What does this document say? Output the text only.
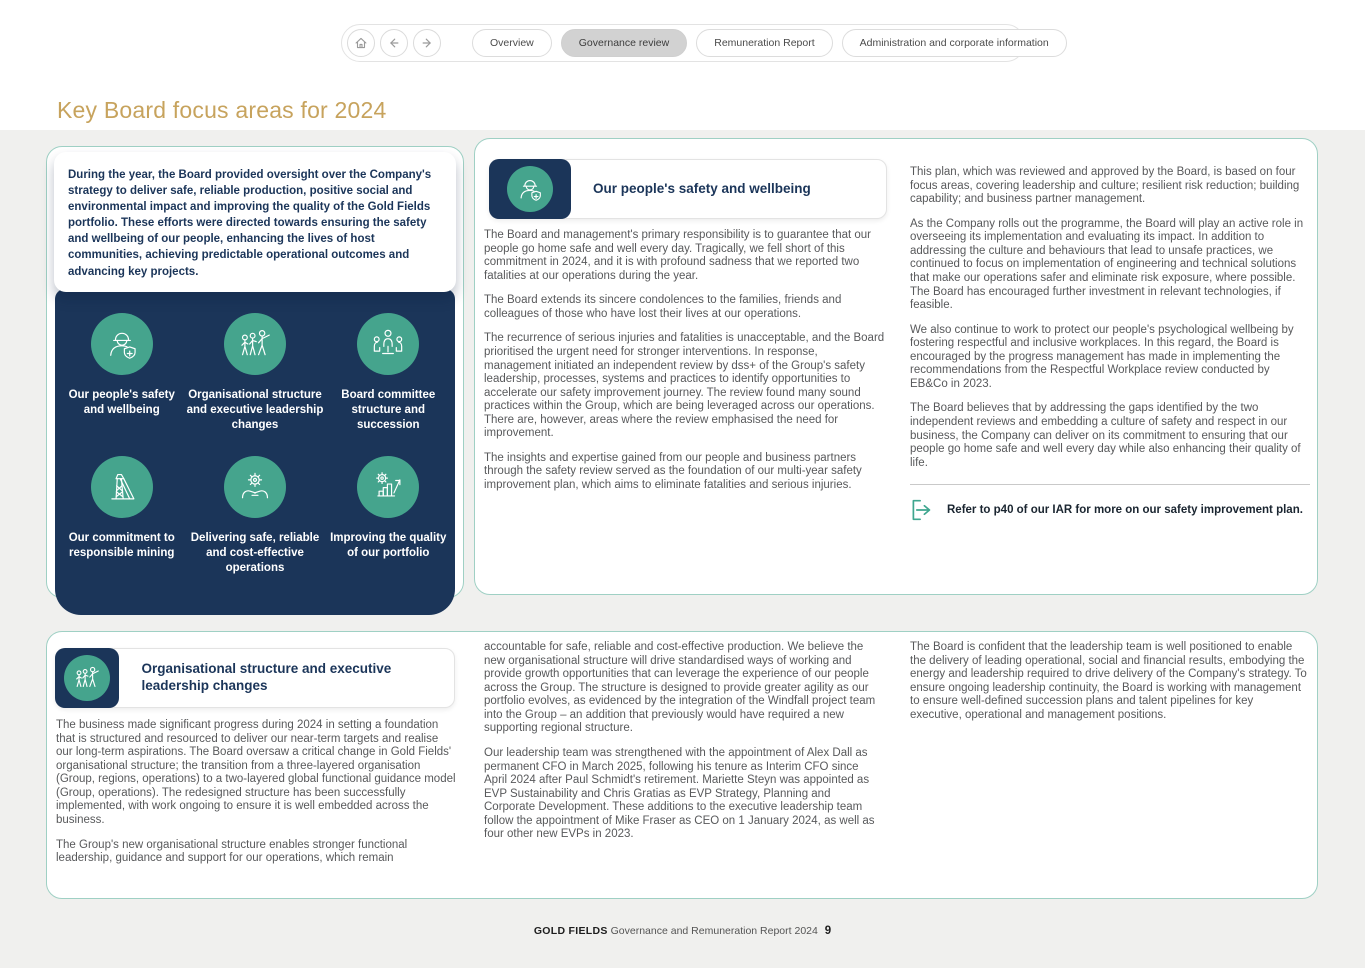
Overview	Governance review	Remuneration Report	Administration and corporate information
Key Board focus areas for 2024
Our people's safety and wellbeing
Organisational structure and executive leadership changes
Board committee structure and succession
Our commitment to responsible mining
Delivering safe, reliable and cost-effective operations
Improving the quality of our portfolio
During the year, the Board provided oversight over the Company's strategy to deliver safe, reliable production, positive social and environmental impact and improving the quality of the Gold Fields portfolio. These efforts were directed towards ensuring the safety and wellbeing of our people, enhancing the lives of host communities, achieving predictable operational outcomes and advancing key projects.
Our people's safety and wellbeing

The Board and management's primary responsibility is to guarantee that our people go home safe and well every day. Tragically, we fell short of this commitment in 2024, and it is with profound sadness that we reported two fatalities at our operations during the year.

The Board extends its sincere condolences to the families, friends and colleagues of those who have lost their lives at our operations.

The recurrence of serious injuries and fatalities is unacceptable, and the Board prioritised the urgent need for stronger interventions. In response, management initiated an independent review by dss+ of the Group's safety leadership, processes, systems and practices to identify opportunities to accelerate our safety improvement journey. The review found many sound practices within the Group, which are being leveraged across our operations. There are, however, areas where the review emphasised the need for improvement.

The insights and expertise gained from our people and business partners through the safety review served as the foundation of our multi-year safety improvement plan, which aims to eliminate fatalities and serious injuries.

This plan, which was reviewed and approved by the Board, is based on four focus areas, covering leadership and culture; resilient risk reduction; building capability; and business partner management.

As the Company rolls out the programme, the Board will play an active role in overseeing its implementation and evaluating its impact. In addition to addressing the culture and behaviours that lead to unsafe practices, we continued to focus on implementation of engineering and technical solutions that make our operations safer and eliminate risk exposure, where possible. The Board has encouraged further investment in relevant technologies, if feasible.

We also continue to work to protect our people's psychological wellbeing by fostering respectful and inclusive workplaces. In this regard, the Board is encouraged by the progress management has made in implementing the recommendations from the Respectful Workplace review conducted by EB&Co in 2023.

The Board believes that by addressing the gaps identified by the two independent reviews and embedding a culture of safety and respect in our business, the Company can deliver on its commitment to ensuring that our people go home safe and well every day while also enhancing their quality of life.

Refer to p40 of our IAR for more on our safety improvement plan.
Organisational structure and executive leadership changes

The business made significant progress during 2024 in setting a foundation that is structured and resourced to deliver our near-term targets and realise our long-term aspirations. The Board oversaw a critical change in Gold Fields' organisational structure; the transition from a three-layered organisation (Group, regions, operations) to a two-layered global functional guidance model (Group, operations). The redesigned structure has been successfully implemented, with work ongoing to ensure it is well embedded across the business.

The Group's new organisational structure enables stronger functional leadership, guidance and support for our operations, which remain

accountable for safe, reliable and cost-effective production. We believe the new organisational structure will drive standardised ways of working and provide growth opportunities that can leverage the experience of our people across the Group. The structure is designed to provide greater agility as our portfolio evolves, as evidenced by the integration of the Windfall project team into the Group – an addition that previously would have required a new supporting regional structure.

Our leadership team was strengthened with the appointment of Alex Dall as permanent CFO in March 2025, following his tenure as Interim CFO since April 2024 after Paul Schmidt's retirement. Mariette Steyn was appointed as EVP Sustainability and Chris Gratias as EVP Strategy, Planning and Corporate Development. These additions to the executive leadership team follow the appointment of Mike Fraser as CEO on 1 January 2024, as well as four other new EVPs in 2023.

The Board is confident that the leadership team is well positioned to enable the delivery of leading operational, social and financial results, embodying the energy and leadership required to drive delivery of the Company's strategy. To ensure ongoing leadership continuity, the Board is working with management to ensure well-defined succession plans and talent pipelines for key executive, operational and management positions.

GOLD FIELDS Governance and Remuneration Report 2024 9
